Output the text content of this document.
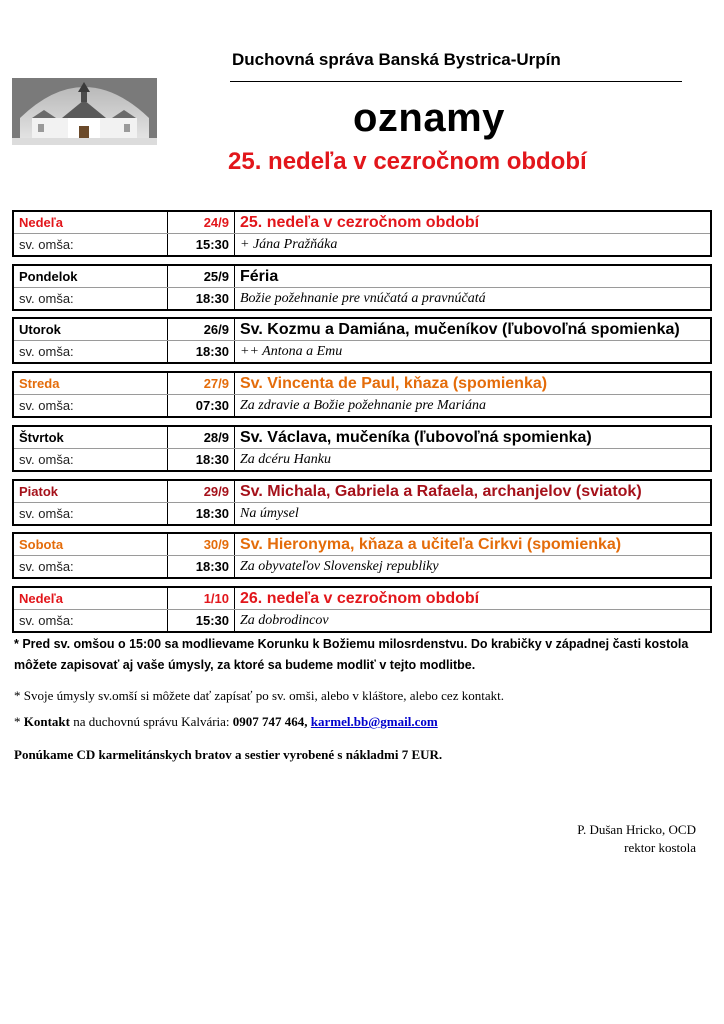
Duchovná správa Banská Bystrica-Urpín
oznamy
25. nedeľa v cezročnom období
Nedeľa	24/9 25. nedeľa v cezročnom období
sv. omša:	15:30 + Jána Pražňáka
Pondelok	25/9 Féria
sv. omša:	18:30 Božie požehnanie pre vnúčatá a pravnúčatá
Utorok	26/9 Sv. Kozmu a Damiána, mučeníkov (ľubovoľná spomienka)
sv. omša:	18:30 ++ Antona a Emu
Streda	27/9 Sv. Vincenta de Paul, kňaza (spomienka)
sv. omša:	07:30 Za zdravie a Božie požehnanie pre Mariána
Štvrtok	28/9 Sv. Václava, mučeníka (ľubovoľná spomienka)
sv. omša:	18:30 Za dcéru Hanku
Piatok	29/9 Sv. Michala, Gabriela a Rafaela, archanjelov (sviatok)
sv. omša:	18:30 Na úmysel
Sobota	30/9 Sv. Hieronyma, kňaza a učiteľa Cirkvi (spomienka)
sv. omša:	18:30 Za obyvateľov Slovenskej republiky
Nedeľa	1/10 26. nedeľa v cezročnom období
sv. omša:	15:30 Za dobrodincov
* Pred sv. omšou o 15:00 sa modlievame Korunku k Božiemu milosrdenstvu. Do krabičky v západnej časti kostola môžete zapisovať aj vaše úmysly, za ktoré sa budeme modliť v tejto modlitbe.
* Svoje úmysly sv.omší si môžete dať zapísať po sv. omši, alebo v kláštore, alebo cez kontakt.
* Kontakt na duchovnú správu Kalvária: 0907 747 464, karmel.bb@gmail.com
Ponúkame CD karmelitánskych bratov a sestier vyrobené s nákladmi 7 EUR.
P. Dušan Hricko, OCD
rektor kostola
